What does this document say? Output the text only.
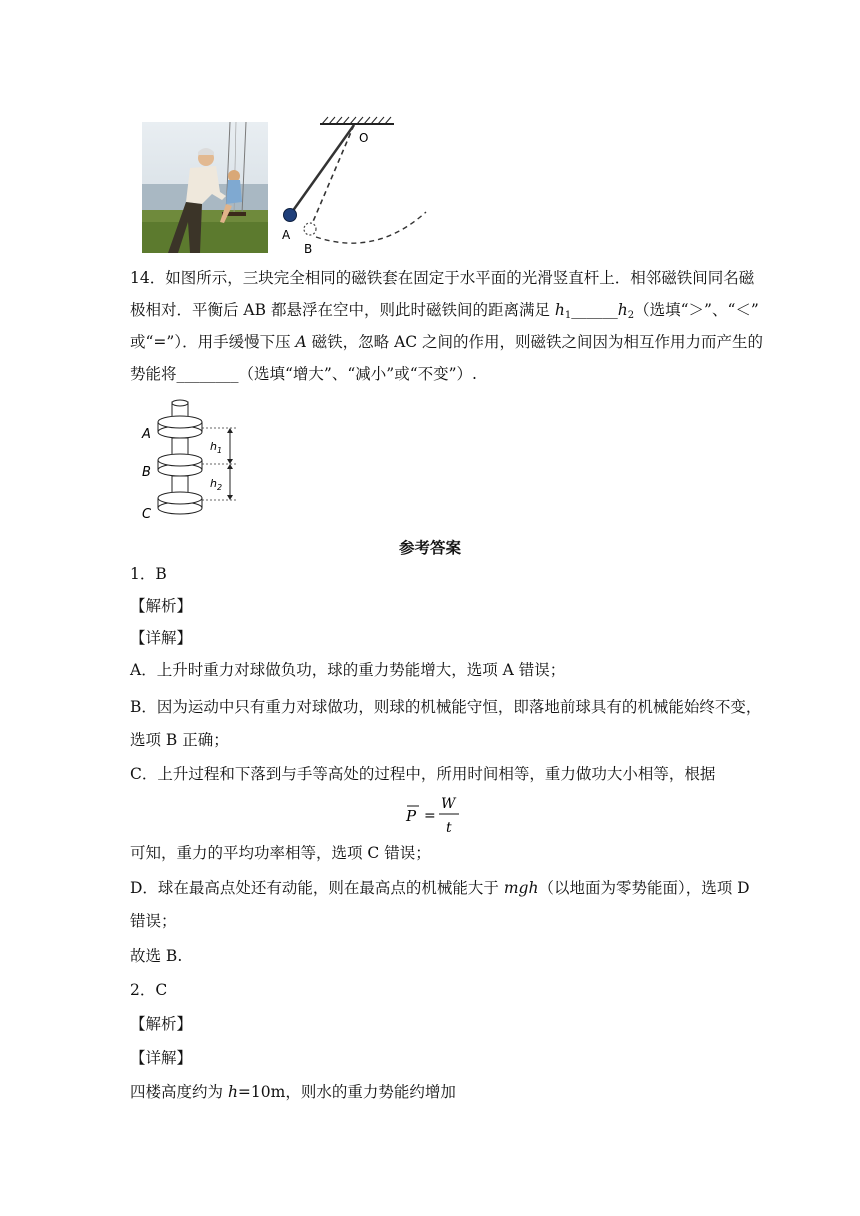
O
A
B
14．如图所示，三块完全相同的磁铁套在固定于水平面的光滑竖直杆上．相邻磁铁间同名磁
极相对．平衡后 AB 都悬浮在空中，则此时磁铁间的距离满足 $h_1\_\_\_\_\_\_h_2$（选填“＞”、“＜”
或“=”）．用手缓慢下压 A 磁铁，忽略 AC 之间的作用，则磁铁之间因为相互作用力而产生的
势能将________（选填“增大”、“减小”或“不变”）.
A
B
C
$h_1$
$h_2$
参考答案
1．B
【解析】
【详解】
A．上升时重力对球做负功，球的重力势能增大，选项 A 错误；
B．因为运动中只有重力对球做功，则球的机械能守恒，即落地前球具有的机械能始终不变，
选项 B 正确；
C．上升过程和下落到与手等高处的过程中，所用时间相等，重力做功大小相等，根据
P =
W
t
可知，重力的平均功率相等，选项 C 错误；
D．球在最高点处还有动能，则在最高点的机械能大于 mgh（以地面为零势能面），选项 D
错误；
故选 B.
2．C
【解析】
【详解】
四楼高度约为 h=10m，则水的重力势能约增加
